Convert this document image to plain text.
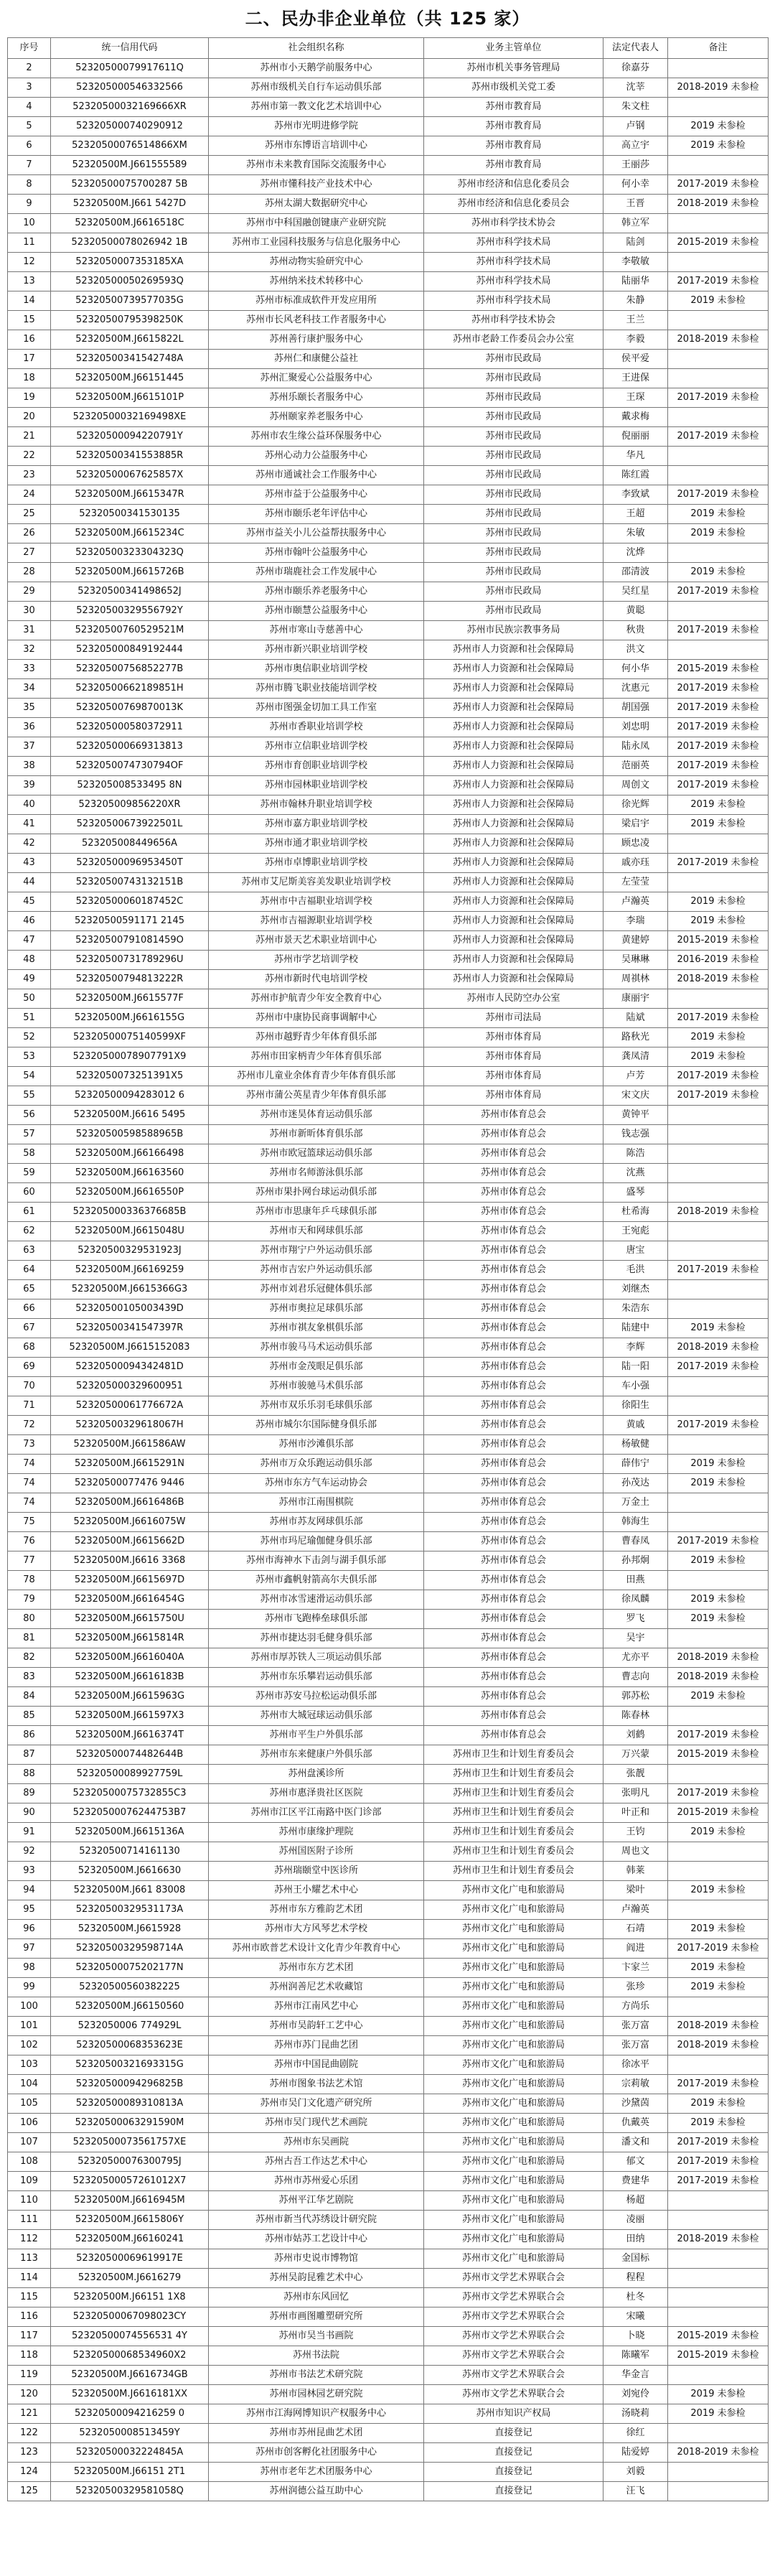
二、民办非企业单位（共 125 家）
序号	统一信用代码	社会组织名称	业务主管单位	法定代表人	备注
2	52320500079917611Q	苏州市小天鹅学前服务中心	苏州市机关事务管理局	徐嘉芬	
3	523205000546332566	苏州市级机关自行车运动俱乐部	苏州市级机关党工委	沈莘	2018-2019 未参检
4	52320500032169666XR	苏州市第一教文化艺术培训中心	苏州市教育局	朱文柱	
5	523205000740290912	苏州市光明进修学院	苏州市教育局	卢钢	2019 未参检
6	52320500076514866XM	苏州市东博语言培训中心	苏州市教育局	高立宇	2019 未参检
7	52320500M.J661555589	苏州市未来教育国际交流服务中心	苏州市教育局	王丽莎	
8	52320500075700287 5B	苏州市懂科技产业技术中心	苏州市经济和信息化委员会	何小幸	2017-2019 未参检
9	52320500M.J661 5427D	苏州太湖大数据研究中心	苏州市经济和信息化委员会	王晋	2018-2019 未参检
10	52320500M.J6616518C	苏州市中科国融创键康产业研究院	苏州市科学技术协会	韩立军	
11	52320500078026942 1B	苏州市工业园科技服务与信息化服务中心	苏州市科学技术局	陆剑	2015-2019 未参检
12	5232050007353185XA	苏州动物实验研究中心	苏州市科学技术局	李敬敏	
13	52320500050269593Q	苏州纳米技术转移中心	苏州市科学技术局	陆丽华	2017-2019 未参检
14	52320500739577035G	苏州市标准成软件开发应用所	苏州市科学技术局	朱静	2019 未参检
15	52320500795398250K	苏州市长风老科技工作者服务中心	苏州市科学技术协会	王兰	
16	52320500M.J6615822L	苏州善行康护服务中心	苏州市老龄工作委员会办公室	李毅	2018-2019 未参检
17	52320500341542748A	苏州仁和康健公益社	苏州市民政局	侯平爱	
18	52320500M.J66151445	苏州汇聚爱心公益服务中心	苏州市民政局	王进保	
19	52320500M.J6615101P	苏州乐颐长者服务中心	苏州市民政局	王琛	2017-2019 未参检
20	52320500032169498XE	苏州颐家养老服务中心	苏州市民政局	戴求梅	
21	52320500094220791Y	苏州市农生缘公益环保服务中心	苏州市民政局	倪丽丽	2017-2019 未参检
22	52320500341553885R	苏州心动力公益服务中心	苏州市民政局	华凡	
23	52320500067625857X	苏州市通诚社会工作服务中心	苏州市民政局	陈红霞	
24	52320500M.J6615347R	苏州市益于公益服务中心	苏州市民政局	李致斌	2017-2019 未参检
25	52320500341530135	苏州市颐乐老年评估中心	苏州市民政局	王超	2019 未参检
26	52320500M.J6615234C	苏州市益关小儿公益帮扶服务中心	苏州市民政局	朱敏	2019 未参检
27	52320500323304323Q	苏州市翰叶公益服务中心	苏州市民政局	沈烨	
28	52320500M.J6615726B	苏州市瑞鹿社会工作发展中心	苏州市民政局	邵清波	2019 未参检
29	52320500341498652J	苏州市颐乐养老服务中心	苏州市民政局	吴红星	2017-2019 未参检
30	52320500329556792Y	苏州市颐慧公益服务中心	苏州市民政局	黄聪	
31	52320500760529521M	苏州市寒山寺慈善中心	苏州市民族宗教事务局	秋贵	2017-2019 未参检
32	523205000849192444	苏州市新兴职业培训学校	苏州市人力资源和社会保障局	洪文	
33	52320500756852277B	苏州市奥信职业培训学校	苏州市人力资源和社会保障局	何小华	2015-2019 未参检
34	52320500662189851H	苏州市腾飞职业技能培训学校	苏州市人力资源和社会保障局	沈惠元	2017-2019 未参检
35	52320500769870013K	苏州市图强金切加工具工作室	苏州市人力资源和社会保障局	胡国强	2017-2019 未参检
36	523205000580372911	苏州市香职业培训学校	苏州市人力资源和社会保障局	刘忠明	2017-2019 未参检
37	523205000669313813	苏州市立信职业培训学校	苏州市人力资源和社会保障局	陆永凤	2017-2019 未参检
38	5232050074730794OF	苏州市育创职业培训学校	苏州市人力资源和社会保障局	范丽英	2017-2019 未参检
39	523205008533495 8N	苏州市园林职业培训学校	苏州市人力资源和社会保障局	周创文	2017-2019 未参检
40	523205009856220XR	苏州市翰林升职业培训学校	苏州市人力资源和社会保障局	徐光辉	2019 未参检
41	52320500673922501L	苏州市嘉方职业培训学校	苏州市人力资源和社会保障局	梁启宇	2019 未参检
42	523205008449656A	苏州市通才职业培训学校	苏州市人力资源和社会保障局	顾忠凌	
43	52320500096953450T	苏州市卓博职业培训学校	苏州市人力资源和社会保障局	戚亦珏	2017-2019 未参检
44	52320500743132151B	苏州市艾尼斯美容美发职业培训学校	苏州市人力资源和社会保障局	左莹莹	
45	52320500060187452C	苏州市中吉福职业培训学校	苏州市人力资源和社会保障局	卢瀚英	2019 未参检
46	52320500591171 2145	苏州市吉福源职业培训学校	苏州市人力资源和社会保障局	李瑞	2019 未参检
47	52320500791081459O	苏州市景天艺术职业培训中心	苏州市人力资源和社会保障局	黄建婷	2015-2019 未参检
48	52320500731789296U	苏州市学艺培训学校	苏州市人力资源和社会保障局	吴琳琳	2016-2019 未参检
49	52320500794813222R	苏州市新时代电培训学校	苏州市人力资源和社会保障局	周祺林	2018-2019 未参检
50	52320500M.J6615577F	苏州市护航青少年安全教育中心	苏州市人民防空办公室	康丽宇	
51	52320500M.J6616155G	苏州市中康协民商事调解中心	苏州市司法局	陆斌	2017-2019 未参检
52	52320500075140599XF	苏州市越野青少年体育俱乐部	苏州市体育局	路秋光	2019 未参检
53	52320500078907791X9	苏州市田家柄青少年体育俱乐部	苏州市体育局	龚凤清	2019 未参检
54	5232050073251391X5	苏州市儿童业余体育青少年体育俱乐部	苏州市体育局	卢芳	2017-2019 未参检
55	52320500094283012 6	苏州市蒲公英星青少年体育俱乐部	苏州市体育局	宋文庆	2017-2019 未参检
56	52320500M.J6616 5495	苏州市迷昊体育运动俱乐部	苏州市体育总会	黄钟平	
57	52320500598588965B	苏州市新昕体育俱乐部	苏州市体育总会	钱志强	
58	52320500M.J66166498	苏州市欧冠篮球运动俱乐部	苏州市体育总会	陈浩	
59	52320500M.J66163560	苏州市名师游泳俱乐部	苏州市体育总会	沈燕	
60	52320500M.J6616550P	苏州市果扑网台球运动俱乐部	苏州市体育总会	盛琴	
61	523205000336376685B	苏州市市思康年乒乓球俱乐部	苏州市体育总会	杜希海	2018-2019 未参检
62	52320500M.J6615048U	苏州市天和网球俱乐部	苏州市体育总会	王宛彪	
63	52320500329531923J	苏州市翔宁户外运动俱乐部	苏州市体育总会	唐宝	
64	52320500M.J66169259	苏州市吉宏户外运动俱乐部	苏州市体育总会	毛洪	2017-2019 未参检
65	52320500M.J6615366G3	苏州市刘君乐冠健体俱乐部	苏州市体育总会	刘继杰	
66	52320500105003439D	苏州市奥拉足球俱乐部	苏州市体育总会	朱浩东	
67	52320500341547397R	苏州市祺友象棋俱乐部	苏州市体育总会	陆建中	2019 未参检
68	52320500M.J6615152083	苏州市骏马马术运动俱乐部	苏州市体育总会	李辉	2018-2019 未参检
69	52320500094342481D	苏州市金茂眼足俱乐部	苏州市体育总会	陆一阳	2017-2019 未参检
70	523205000329600951	苏州市骏驰马术俱乐部	苏州市体育总会	车小强	
71	52320500061776672A	苏州市双乐乐羽毛球俱乐部	苏州市体育总会	徐阳生	
72	52320500329618067H	苏州市城尔尔国际健身俱乐部	苏州市体育总会	黄戚	2017-2019 未参检
73	52320500M.J661586AW	苏州市沙滩俱乐部	苏州市体育总会	杨敏健	
74	52320500M.J6615291N	苏州市万众乐跑运动俱乐部	苏州市体育总会	薛伟宁	2019 未参检
74	52320500077476 9446	苏州市东方气车运动协会	苏州市体育总会	孙茂达	2019 未参检
74	52320500M.J6616486B	苏州市江南围棋院	苏州市体育总会	万金土	
75	52320500M.J6616075W	苏州市苏友网球俱乐部	苏州市体育总会	韩海生	
76	52320500M.J6615662D	苏州市玛尼瑜伽健身俱乐部	苏州市体育总会	曹春凤	2017-2019 未参检
77	52320500M.J6616 3368	苏州市海神水下击剑与湖手俱乐部	苏州市体育总会	孙邦炯	2019 未参检
78	52320500M.J6615697D	苏州市鑫帆射箭高尔夫俱乐部	苏州市体育总会	田燕	
79	52320500M.J6616454G	苏州市冰雪速滑运动俱乐部	苏州市体育总会	徐凤麟	2019 未参检
80	52320500M.J6615750U	苏州市飞跑棒垒球俱乐部	苏州市体育总会	罗飞	2019 未参检
81	52320500M.J6615814R	苏州市捷达羽毛健身俱乐部	苏州市体育总会	吴宇	
82	52320500M.J6616040A	苏州市厚苏铁人三项运动俱乐部	苏州市体育总会	尤亦平	2018-2019 未参检
83	52320500M.J6616183B	苏州市东乐攀岩运动俱乐部	苏州市体育总会	曹志向	2018-2019 未参检
84	52320500M.J6615963G	苏州市苏安马拉松运动俱乐部	苏州市体育总会	郭苏松	2019 未参检
85	52320500M.J661597X3	苏州市大城冠球运动俱乐部	苏州市体育总会	陈春林	
86	52320500M.J6616374T	苏州市平生户外俱乐部	苏州市体育总会	刘鹤	2017-2019 未参检
87	52320500074482644B	苏州市东来健康户外俱乐部	苏州市卫生和计划生育委员会	万兴蒙	2015-2019 未参检
88	52320500089927759L	苏州盘溪诊所	苏州市卫生和计划生育委员会	张靓	
89	52320500075732855C3	苏州市惠泽贵社区医院	苏州市卫生和计划生育委员会	张明凡	2017-2019 未参检
90	52320500076244753B7	苏州市江区平江南路中医门诊部	苏州市卫生和计划生育委员会	叶正和	2015-2019 未参检
91	52320500M.J6615136A	苏州市康缘护理院	苏州市卫生和计划生育委员会	王钧	2019 未参检
92	52320500714161130	苏州国医附子诊所	苏州市卫生和计划生育委员会	周也文	
93	52320500M.J6616630	苏州瑞颐堂中医诊所	苏州市卫生和计划生育委员会	韩莱	
94	52320500M.J661 83008	苏州王小耀艺术中心	苏州市文化广电和旅游局	梁叶	2019 未参检
95	52320500329531173A	苏州市东方雅韵艺术团	苏州市文化广电和旅游局	卢瀚英	
96	52320500M.J6615928	苏州市大方风琴艺术学校	苏州市文化广电和旅游局	石靖	2019 未参检
97	52320500329598714A	苏州市欧普艺术设计文化青少年教育中心	苏州市文化广电和旅游局	阎进	2017-2019 未参检
98	52320500075202177N	苏州市东方艺术团	苏州市文化广电和旅游局	卞家兰	2019 未参检
99	52320500560382225	苏州润善尼艺术收藏馆	苏州市文化广电和旅游局	张珍	2019 未参检
100	52320500M.J66150560	苏州市江南风艺中心	苏州市文化广电和旅游局	方尚乐	
101	5232050006 774929L	苏州市吴韵轩工艺中心	苏州市文化广电和旅游局	张万富	2018-2019 未参检
102	52320500068353623E	苏州市苏门昆曲艺团	苏州市文化广电和旅游局	张万富	2018-2019 未参检
103	52320500321693315G	苏州市中国昆曲剧院	苏州市文化广电和旅游局	徐冰平	
104	52320500094296825B	苏州市图象书法艺术馆	苏州市文化广电和旅游局	宗莉敏	2017-2019 未参检
105	52320500089310813A	苏州市吴门文化遗产研究所	苏州市文化广电和旅游局	沙黛茵	2019 未参检
106	52320500063291590M	苏州市吴门现代艺术画院	苏州市文化广电和旅游局	仇戴英	2019 未参检
107	52320500073561757XE	苏州市东吴画院	苏州市文化广电和旅游局	潘文和	2017-2019 未参检
108	52320500076300795J	苏州古吾工作达艺术中心	苏州市文化广电和旅游局	郁文	2017-2019 未参检
109	52320500057261012X7	苏州市苏州爱心乐团	苏州市文化广电和旅游局	费建华	2017-2019 未参检
110	52320500M.J6616945M	苏州平江华艺剧院	苏州市文化广电和旅游局	杨超	
111	52320500M.J6615806Y	苏州市新当代苏绣设计研究院	苏州市文化广电和旅游局	凌丽	
112	52320500M.J66160241	苏州市姑苏工艺设计中心	苏州市文化广电和旅游局	田纳	2018-2019 未参检
113	52320500069619917E	苏州市史说市博物馆	苏州市文化广电和旅游局	金国标	
114	52320500M.J6616279	苏州吴韵昆雅艺术中心	苏州市文学艺术界联合会	程程	
115	52320500M.J66151 1X8	苏州市东风回忆	苏州市文学艺术界联合会	杜冬	
116	52320500067098023CY	苏州市画图雕塑研究所	苏州市文学艺术界联合会	宋曦	
117	52320500074556531 4Y	苏州市吴当书画院	苏州市文学艺术界联合会	卜晓	2015-2019 未参检
118	52320500068534960X2	苏州书法院	苏州市文学艺术界联合会	陈曦军	2015-2019 未参检
119	52320500M.J6616734GB	苏州市书法艺术研究院	苏州市文学艺术界联合会	华金言	
120	52320500M.J6616181XX	苏州市园林园艺研究院	苏州市文学艺术界联合会	刘宛伶	2019 未参检
121	52320500094216259 0	苏州市江海网博知识产权服务中心	苏州市知识产权局	汤晓莉	2019 未参检
122	5232050008513459Y	苏州市苏州昆曲艺术团	直接登记	徐红	
123	52320500032224845A	苏州市创客孵化社团服务中心	直接登记	陆爱婷	2018-2019 未参检
124	52320500M.J66151 2T1	苏州市老年艺术团服务中心	直接登记	刘毅	
125	52320500329581058Q	苏州润德公益互助中心	直接登记	汪飞	
